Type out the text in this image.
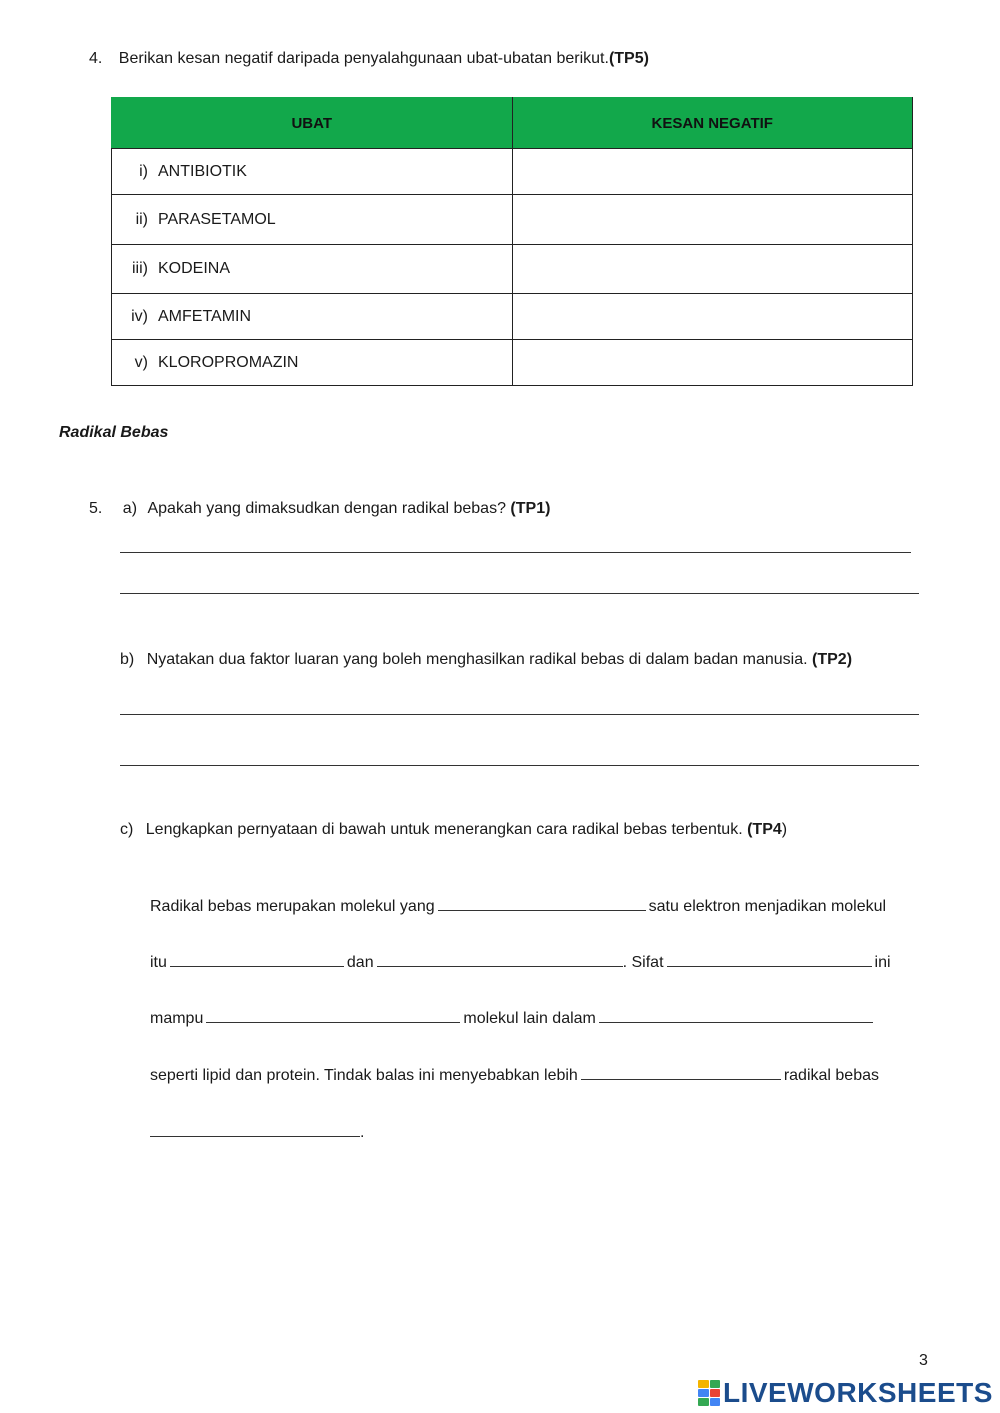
4. Berikan kesan negatif daripada penyalahgunaan ubat-ubatan berikut.(TP5)
UBAT	KESAN NEGATIF

i) ANTIBIOTIK	

ii) PARASETAMOL	

iii) KODEINA	

iv) AMFETAMIN	

v) KLOROPROMAZIN	

Radikal Bebas
5. a) Apakah yang dimaksudkan dengan radikal bebas? (TP1)
b) Nyatakan dua faktor luaran yang boleh menghasilkan radikal bebas di dalam badan manusia. (TP2)
c) Lengkapkan pernyataan di bawah untuk menerangkan cara radikal bebas terbentuk. (TP4)
Radikal bebas merupakan molekul yang	satu elektron menjadikan molekul
itu	dan	. Sifat	ini
mampu	molekul lain dalam
seperti lipid dan protein. Tindak balas ini menyebabkan lebih	radikal bebas
.
3
LIVEWORKSHEETS
